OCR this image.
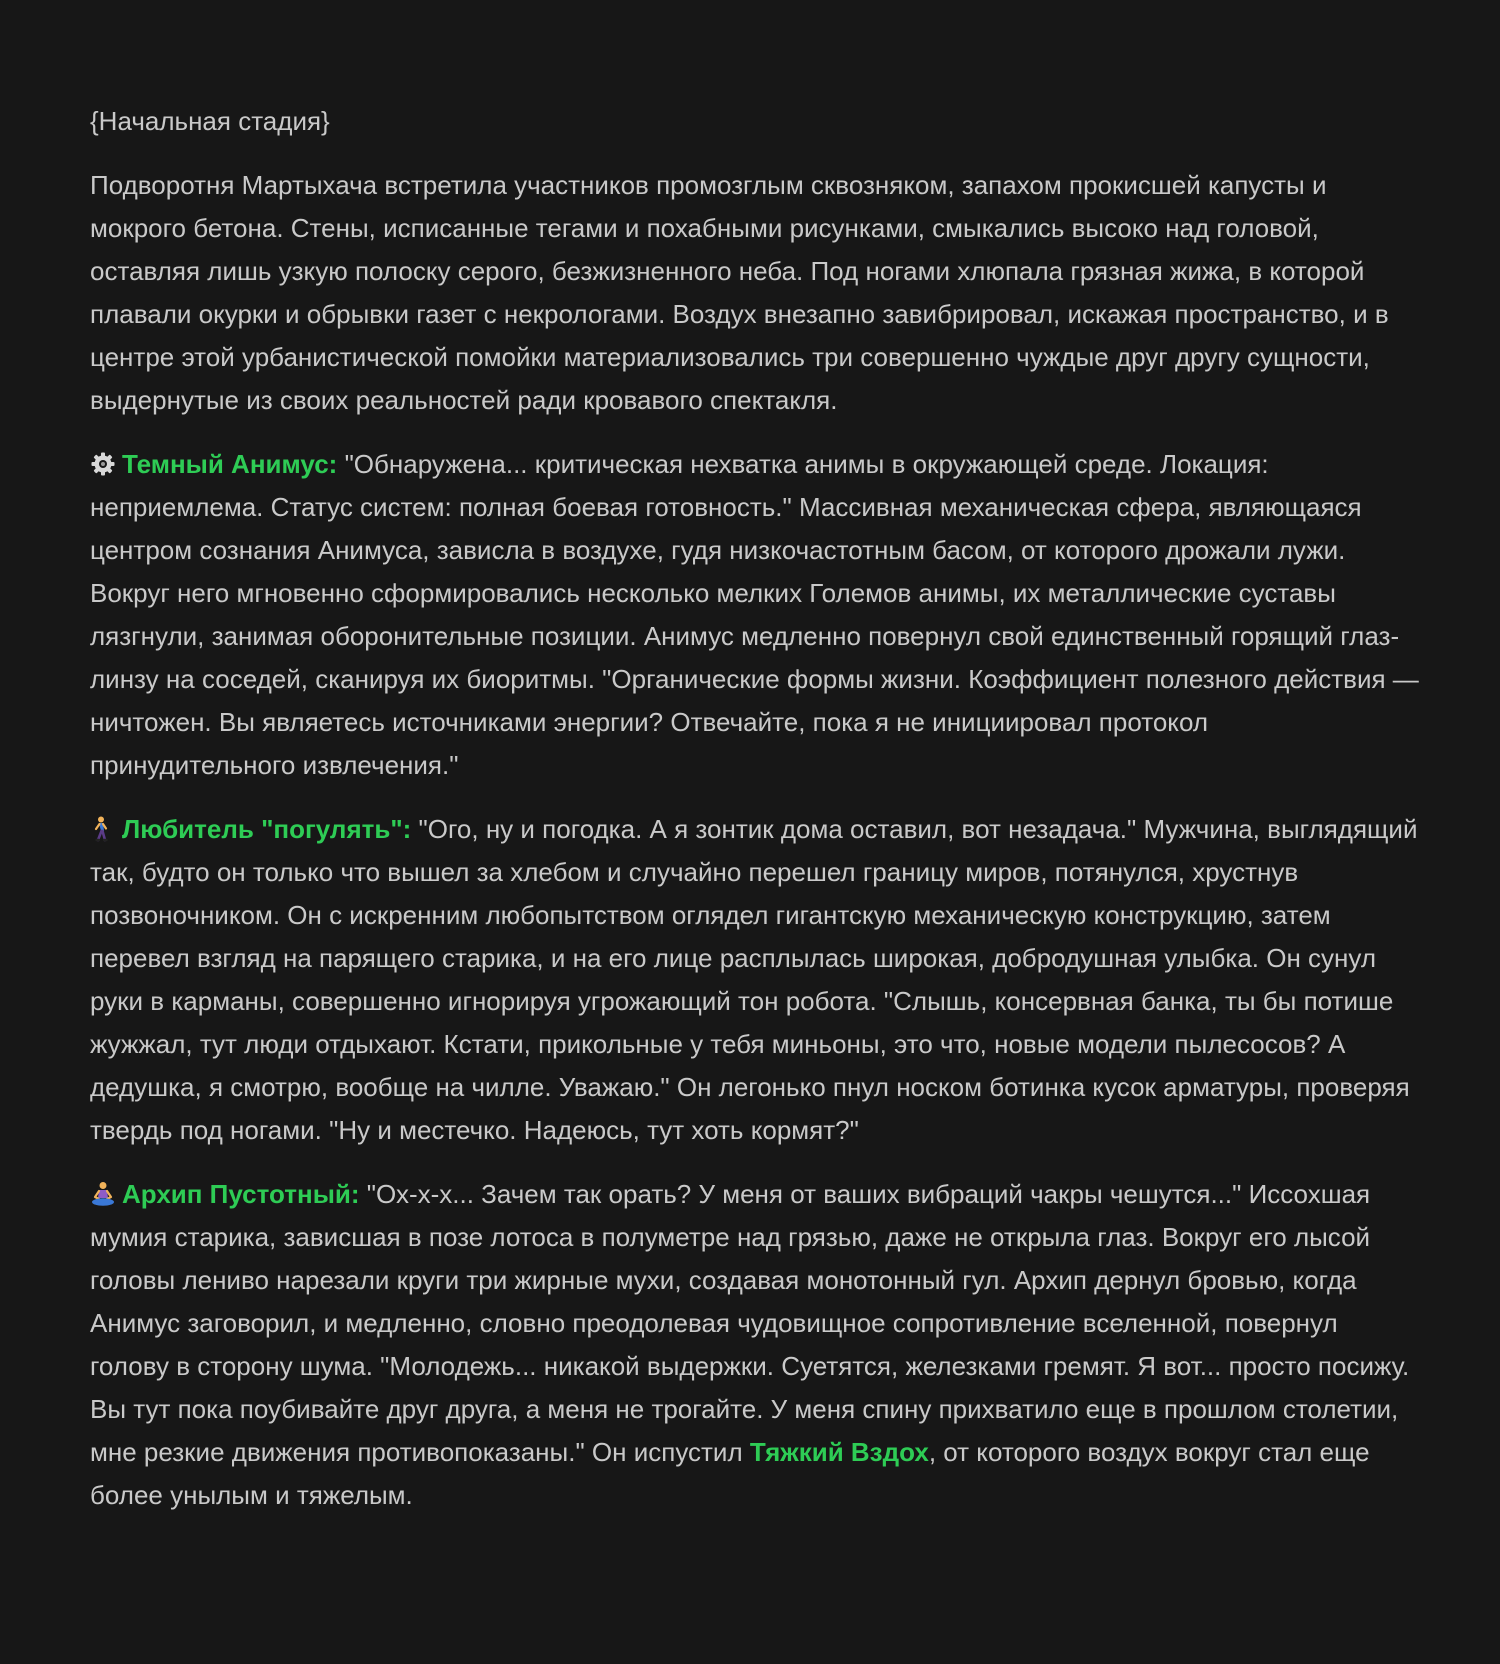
{Начальная стадия}

Подворотня Мартыхача встретила участников промозглым сквозняком, запахом прокисшей капусты и мокрого бетона. Стены, исписанные тегами и похабными рисунками, смыкались высоко над головой, оставляя лишь узкую полоску серого, безжизненного неба. Под ногами хлюпала грязная жижа, в которой плавали окурки и обрывки газет с некрологами. Воздух внезапно завибрировал, искажая пространство, и в центре этой урбанистической помойки материализовались три совершенно чуждые друг другу сущности, выдернутые из своих реальностей ради кровавого спектакля.

Темный Анимус: "Обнаружена... критическая нехватка анимы в окружающей среде. Локация: неприемлема. Статус систем: полная боевая готовность." Массивная механическая сфера, являющаяся центром сознания Анимуса, зависла в воздухе, гудя низкочастотным басом, от которого дрожали лужи. Вокруг него мгновенно сформировались несколько мелких Големов анимы, их металлические суставы лязгнули, занимая оборонительные позиции. Анимус медленно повернул свой единственный горящий глаз-линзу на соседей, сканируя их биоритмы. "Органические формы жизни. Коэффициент полезного действия — ничтожен. Вы являетесь источниками энергии? Отвечайте, пока я не инициировал протокол принудительного извлечения."

Любитель "погулять": "Ого, ну и погодка. А я зонтик дома оставил, вот незадача." Мужчина, выглядящий так, будто он только что вышел за хлебом и случайно перешел границу миров, потянулся, хрустнув позвоночником. Он с искренним любопытством оглядел гигантскую механическую конструкцию, затем перевел взгляд на парящего старика, и на его лице расплылась широкая, добродушная улыбка. Он сунул руки в карманы, совершенно игнорируя угрожающий тон робота. "Слышь, консервная банка, ты бы потише жужжал, тут люди отдыхают. Кстати, прикольные у тебя миньоны, это что, новые модели пылесосов? А дедушка, я смотрю, вообще на чилле. Уважаю." Он легонько пнул носком ботинка кусок арматуры, проверяя твердь под ногами. "Ну и местечко. Надеюсь, тут хоть кормят?"

Архип Пустотный: "Ох-х-х... Зачем так орать? У меня от ваших вибраций чакры чешутся..." Иссохшая мумия старика, зависшая в позе лотоса в полуметре над грязью, даже не открыла глаз. Вокруг его лысой головы лениво нарезали круги три жирные мухи, создавая монотонный гул. Архип дернул бровью, когда Анимус заговорил, и медленно, словно преодолевая чудовищное сопротивление вселенной, повернул голову в сторону шума. "Молодежь... никакой выдержки. Суетятся, железками гремят. Я вот... просто посижу. Вы тут пока поубивайте друг друга, а меня не трогайте. У меня спину прихватило еще в прошлом столетии, мне резкие движения противопоказаны." Он испустил Тяжкий Вздох, от которого воздух вокруг стал еще более унылым и тяжелым.
